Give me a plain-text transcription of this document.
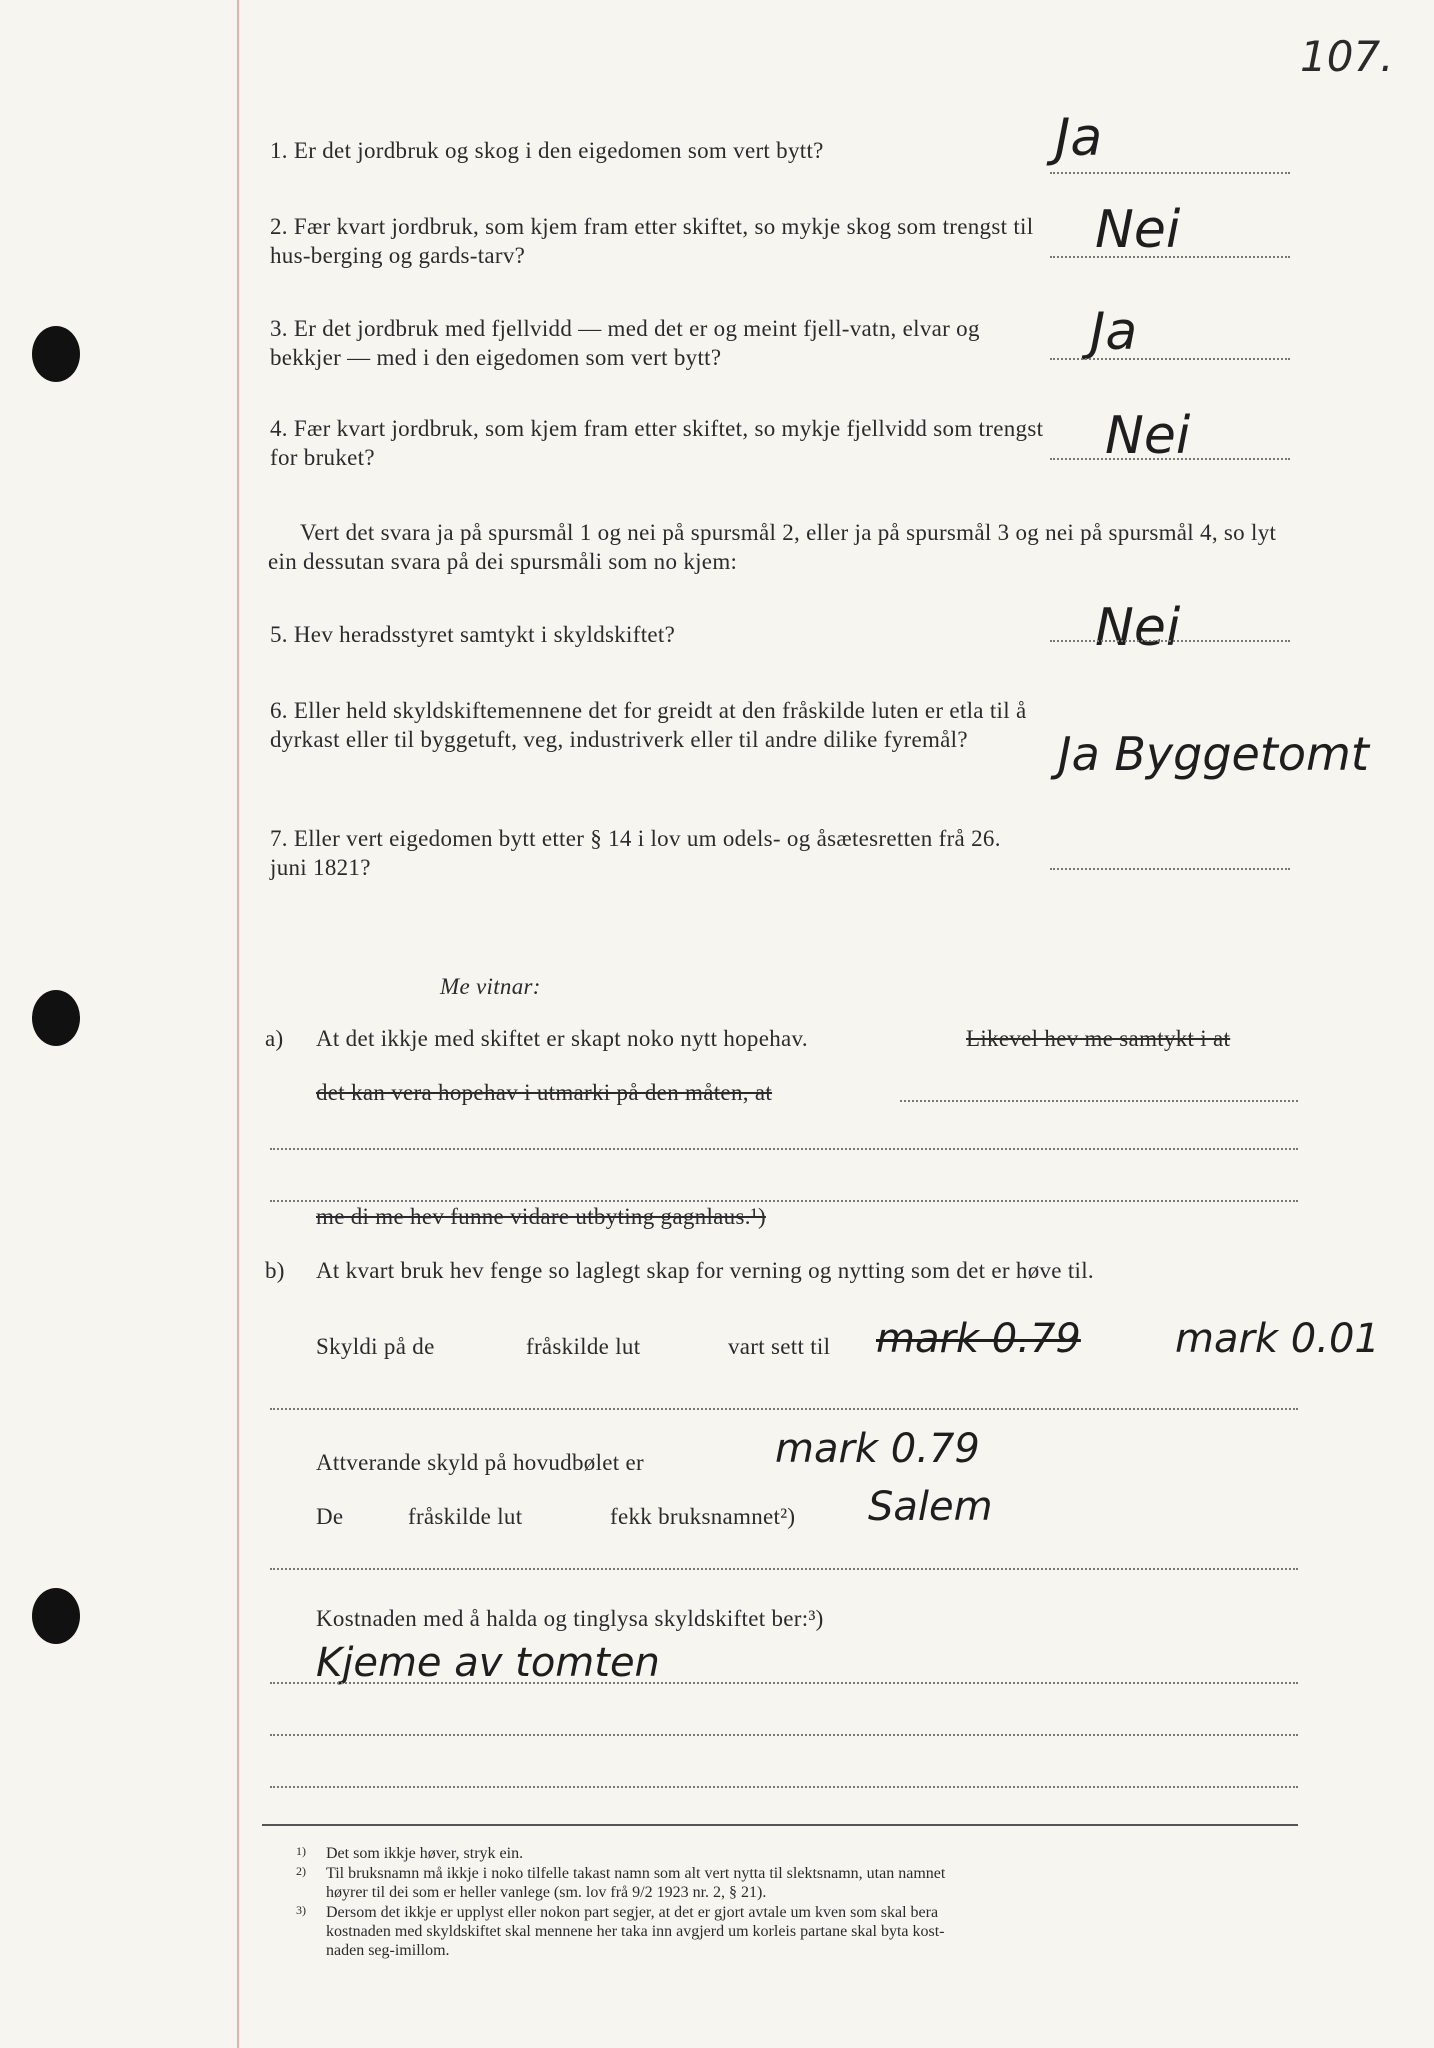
107.
1. Er det jordbruk og skog i den eigedomen som vert bytt?	Ja
2. Fær kvart jordbruk, som kjem fram etter skiftet, so mykje skog som trengst til hus-berging og gards-tarv?	Nei
3. Er det jordbruk med fjellvidd — med det er og meint fjell-vatn, elvar og bekkjer — med i den eigedomen som vert bytt?	Ja
4. Fær kvart jordbruk, som kjem fram etter skiftet, so mykje fjellvidd som trengst for bruket?	Nei
Vert det svara ja på spursmål 1 og nei på spursmål 2, eller ja på spursmål 3 og nei på spursmål 4, so lyt ein dessutan svara på dei spursmåli som no kjem:
5. Hev heradsstyret samtykt i skyldskiftet?	Nei
6. Eller held skyldskiftemennene det for greidt at den fråskilde luten er etla til å dyrkast eller til byggetuft, veg, industriverk eller til andre dilike fyremål?	Ja Byggetomt
7. Eller vert eigedomen bytt etter § 14 i lov um odels- og åsætesretten frå 26. juni 1821?
Me vitnar:
a) At det ikkje med skiftet er skapt noko nytt hopehav.	Likevel hev me samtykt i at
det kan vera hopehav i utmarki på den måten, at
me di me hev funne vidare utbyting gagnlaus.¹)
b) At kvart bruk hev fenge so laglegt skap for verning og nytting som det er høve til.
Skyldi på de	fråskilde lut	vart sett til mark 0.79 mark 0.01
Attverande skyld på hovudbølet er	mark 0.79
De	fråskilde lut	fekk bruksnamnet²) Salem
Kostnaden med å halda og tinglysa skyldskiftet ber:³)
Kjeme av tomten
1) Det som ikkje høver, stryk ein.
2) Til bruksnamn må ikkje i noko tilfelle takast namn som alt vert nytta til slektsnamn, utan namnet
høyrer til dei som er heller vanlege (sm. lov frå 9/2 1923 nr. 2, § 21).
3) Dersom det ikkje er upplyst eller nokon part segjer, at det er gjort avtale um kven som skal bera
kostnaden med skyldskiftet skal mennene her taka inn avgjerd um korleis partane skal byta kost-
naden seg-imillom.
